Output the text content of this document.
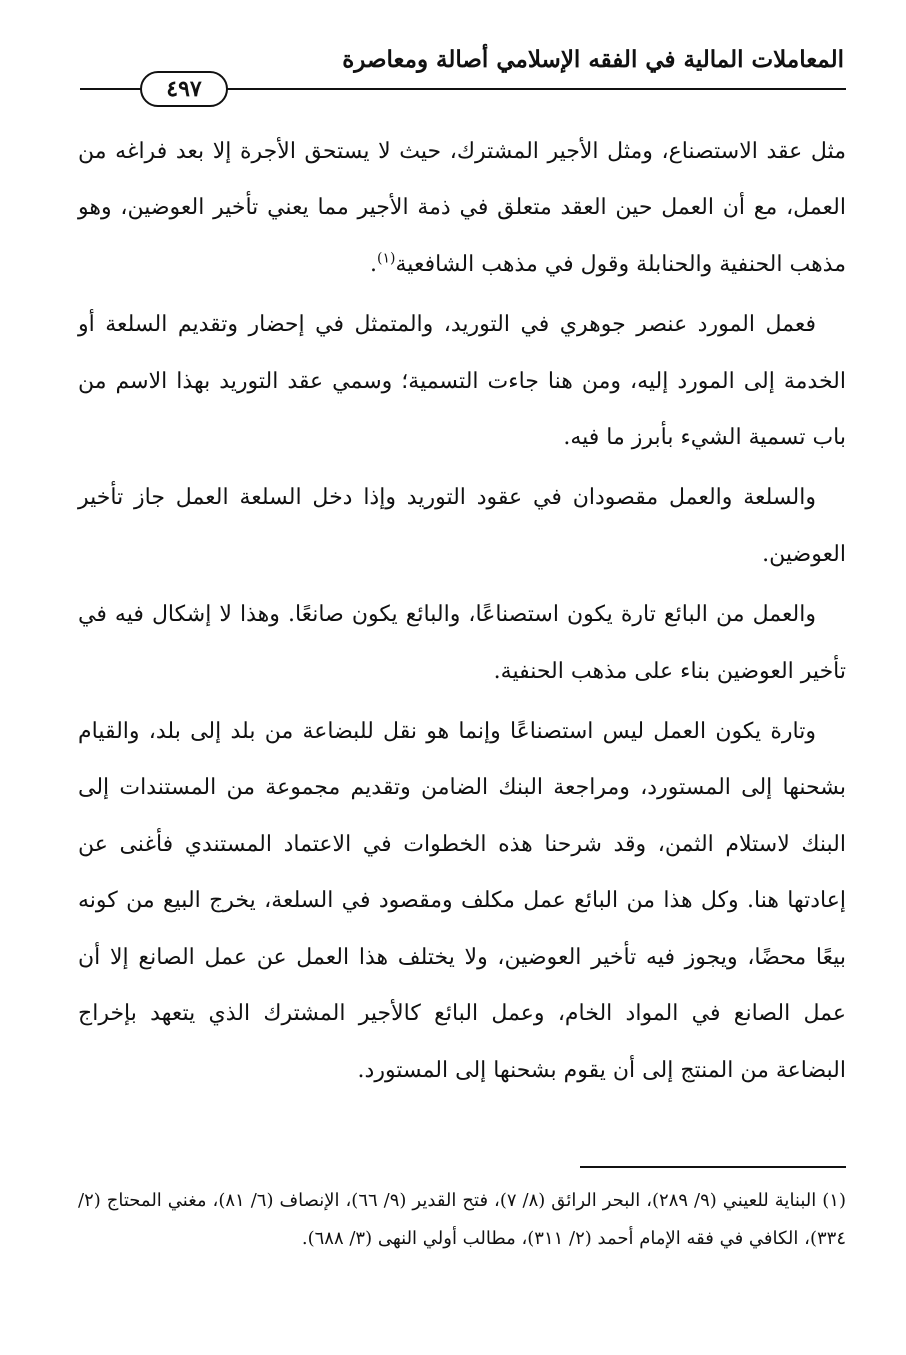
المعاملات المالية في الفقه الإسلامي أصالة ومعاصرة
٤٩٧

مثل عقد الاستصناع، ومثل الأجير المشترك، حيث لا يستحق الأجرة إلا بعد فراغه من العمل، مع أن العمل حين العقد متعلق في ذمة الأجير مما يعني تأخير العوضين، وهو مذهب الحنفية والحنابلة وقول في مذهب الشافعية$^{(١)}$.

فعمل المورد عنصر جوهري في التوريد، والمتمثل في إحضار وتقديم السلعة أو الخدمة إلى المورد إليه، ومن هنا جاءت التسمية؛ وسمي عقد التوريد بهذا الاسم من باب تسمية الشيء بأبرز ما فيه.

والسلعة والعمل مقصودان في عقود التوريد وإذا دخل السلعة العمل جاز تأخير العوضين.

والعمل من البائع تارة يكون استصناعًا، والبائع يكون صانعًا. وهذا لا إشكال فيه في تأخير العوضين بناء على مذهب الحنفية.

وتارة يكون العمل ليس استصناعًا وإنما هو نقل للبضاعة من بلد إلى بلد، والقيام بشحنها إلى المستورد، ومراجعة البنك الضامن وتقديم مجموعة من المستندات إلى البنك لاستلام الثمن، وقد شرحنا هذه الخطوات في الاعتماد المستندي فأغنى عن إعادتها هنا. وكل هذا من البائع عمل مكلف ومقصود في السلعة، يخرج البيع من كونه بيعًا محضًا، ويجوز فيه تأخير العوضين، ولا يختلف هذا العمل عن عمل الصانع إلا أن عمل الصانع في المواد الخام، وعمل البائع كالأجير المشترك الذي يتعهد بإخراج البضاعة من المنتج إلى أن يقوم بشحنها إلى المستورد.

(١) البناية للعيني (٩/ ٢٨٩)، البحر الرائق (٨/ ٧)، فتح القدير (٩/ ٦٦)، الإنصاف (٦/ ٨١)، مغني المحتاج (٢/ ٣٣٤)، الكافي في فقه الإمام أحمد (٢/ ٣١١)، مطالب أولي النهى (٣/ ٦٨٨).
